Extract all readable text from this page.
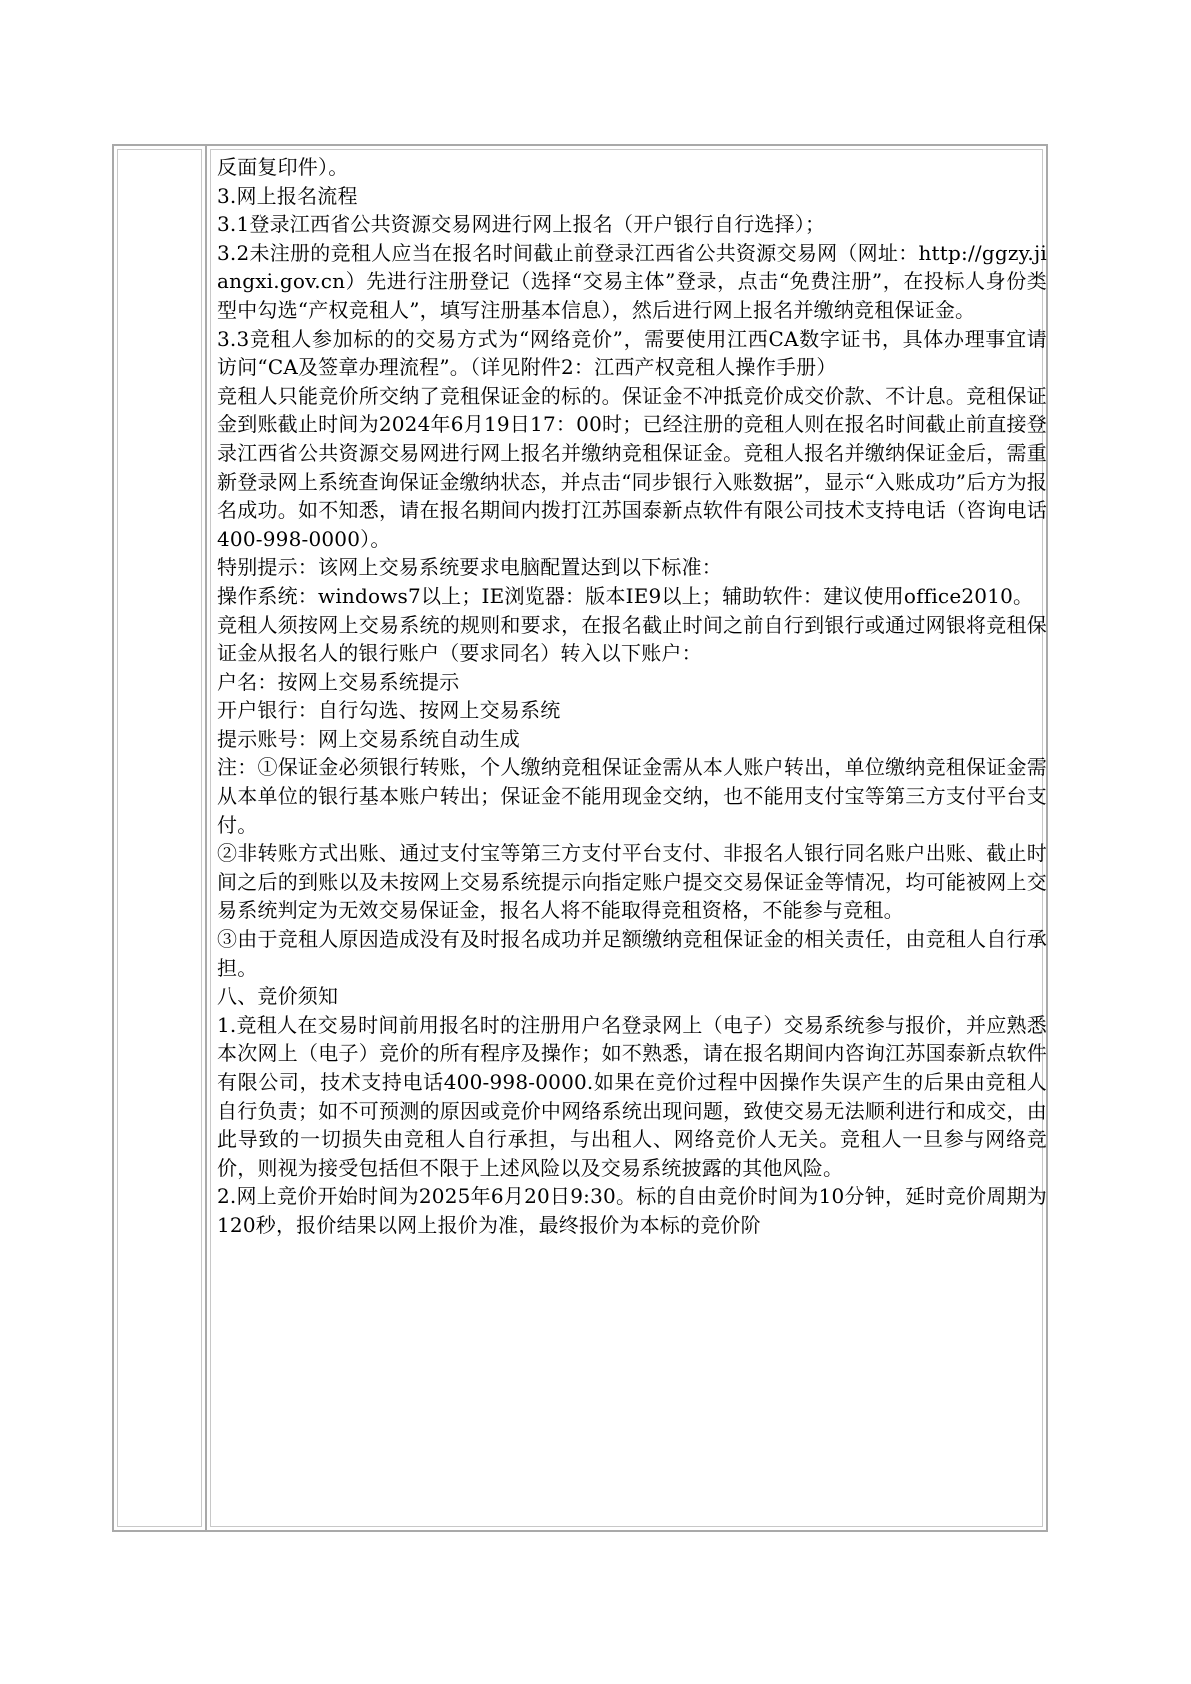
反面复印件）。

3.网上报名流程

3.1登录江西省公共资源交易网进行网上报名（开户银行自行选择）；

3.2未注册的竞租人应当在报名时间截止前登录江西省公共资源交易网（网址：http://ggzy.jiangxi.gov.cn）先进行注册登记（选择“交易主体”登录，点击“免费注册”，在投标人身份类型中勾选“产权竞租人”，填写注册基本信息），然后进行网上报名并缴纳竞租保证金。

3.3竞租人参加标的的交易方式为“网络竞价”，需要使用江西CA数字证书，具体办理事宜请访问“CA及签章办理流程”。（详见附件2：江西产权竞租人操作手册）

竞租人只能竞价所交纳了竞租保证金的标的。保证金不冲抵竞价成交价款、不计息。竞租保证金到账截止时间为2024年6月19日17：00时；已经注册的竞租人则在报名时间截止前直接登录江西省公共资源交易网进行网上报名并缴纳竞租保证金。竞租人报名并缴纳保证金后，需重新登录网上系统查询保证金缴纳状态，并点击“同步银行入账数据”，显示“入账成功”后方为报名成功。如不知悉，请在报名期间内拨打江苏国泰新点软件有限公司技术支持电话（咨询电话400-998-0000）。

特别提示：该网上交易系统要求电脑配置达到以下标准：

操作系统：windows7以上；IE浏览器：版本IE9以上；辅助软件：建议使用office2010。

竞租人须按网上交易系统的规则和要求，在报名截止时间之前自行到银行或通过网银将竞租保证金从报名人的银行账户（要求同名）转入以下账户：

户名：按网上交易系统提示

开户银行：自行勾选、按网上交易系统

提示账号：网上交易系统自动生成

注：①保证金必须银行转账，个人缴纳竞租保证金需从本人账户转出，单位缴纳竞租保证金需从本单位的银行基本账户转出；保证金不能用现金交纳，也不能用支付宝等第三方支付平台支付。

②非转账方式出账、通过支付宝等第三方支付平台支付、非报名人银行同名账户出账、截止时间之后的到账以及未按网上交易系统提示向指定账户提交交易保证金等情况，均可能被网上交易系统判定为无效交易保证金，报名人将不能取得竞租资格，不能参与竞租。

③由于竞租人原因造成没有及时报名成功并足额缴纳竞租保证金的相关责任，由竞租人自行承担。

八、竞价须知

1.竞租人在交易时间前用报名时的注册用户名登录网上（电子）交易系统参与报价，并应熟悉本次网上（电子）竞价的所有程序及操作；如不熟悉，请在报名期间内咨询江苏国泰新点软件有限公司，技术支持电话400-998-0000.如果在竞价过程中因操作失误产生的后果由竞租人自行负责；如不可预测的原因或竞价中网络系统出现问题，致使交易无法顺利进行和成交，由此导致的一切损失由竞租人自行承担，与出租人、网络竞价人无关。竞租人一旦参与网络竞价，则视为接受包括但不限于上述风险以及交易系统披露的其他风险。

2.网上竞价开始时间为2025年6月20日9:30。标的自由竞价时间为10分钟，延时竞价周期为120秒，报价结果以网上报价为准，最终报价为本标的竞价阶
